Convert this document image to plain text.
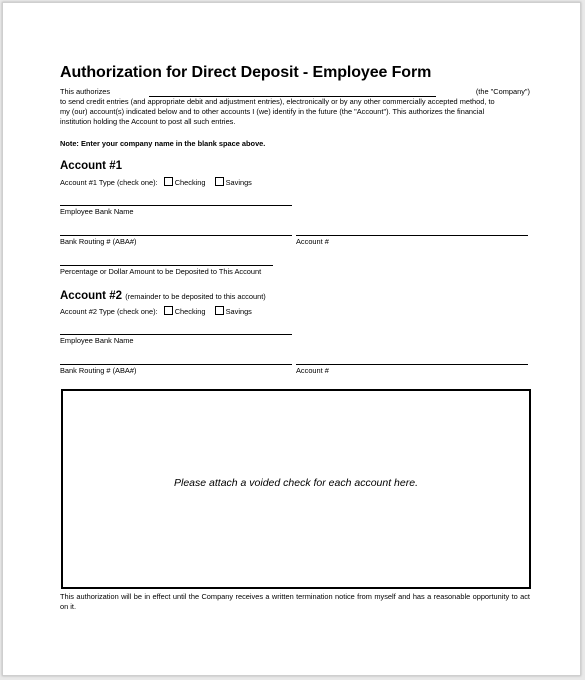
Authorization for Direct Deposit - Employee Form
This authorizes	(the "Company")
to send credit entries (and appropriate debit and adjustment entries), electronically or by any other commercially accepted method, to
my (our) account(s) indicated below and to other accounts I (we) identify in the future (the "Account"). This authorizes the financial
institution holding the Account to post all such entries.
Note: Enter your company name in the blank space above.
Account #1
Account #1 Type (check one): Checking	Savings
Employee Bank Name
Bank Routing # (ABA#)	Account #
Percentage or Dollar Amount to be Deposited to This Account
Account #2 (remainder to be deposited to this account)
Account #2 Type (check one): Checking	Savings
Employee Bank Name
Bank Routing # (ABA#)	Account #
Please attach a voided check for each account here.
This authorization will be in effect until the Company receives a written termination notice from myself and has a reasonable opportunity to act on it.
